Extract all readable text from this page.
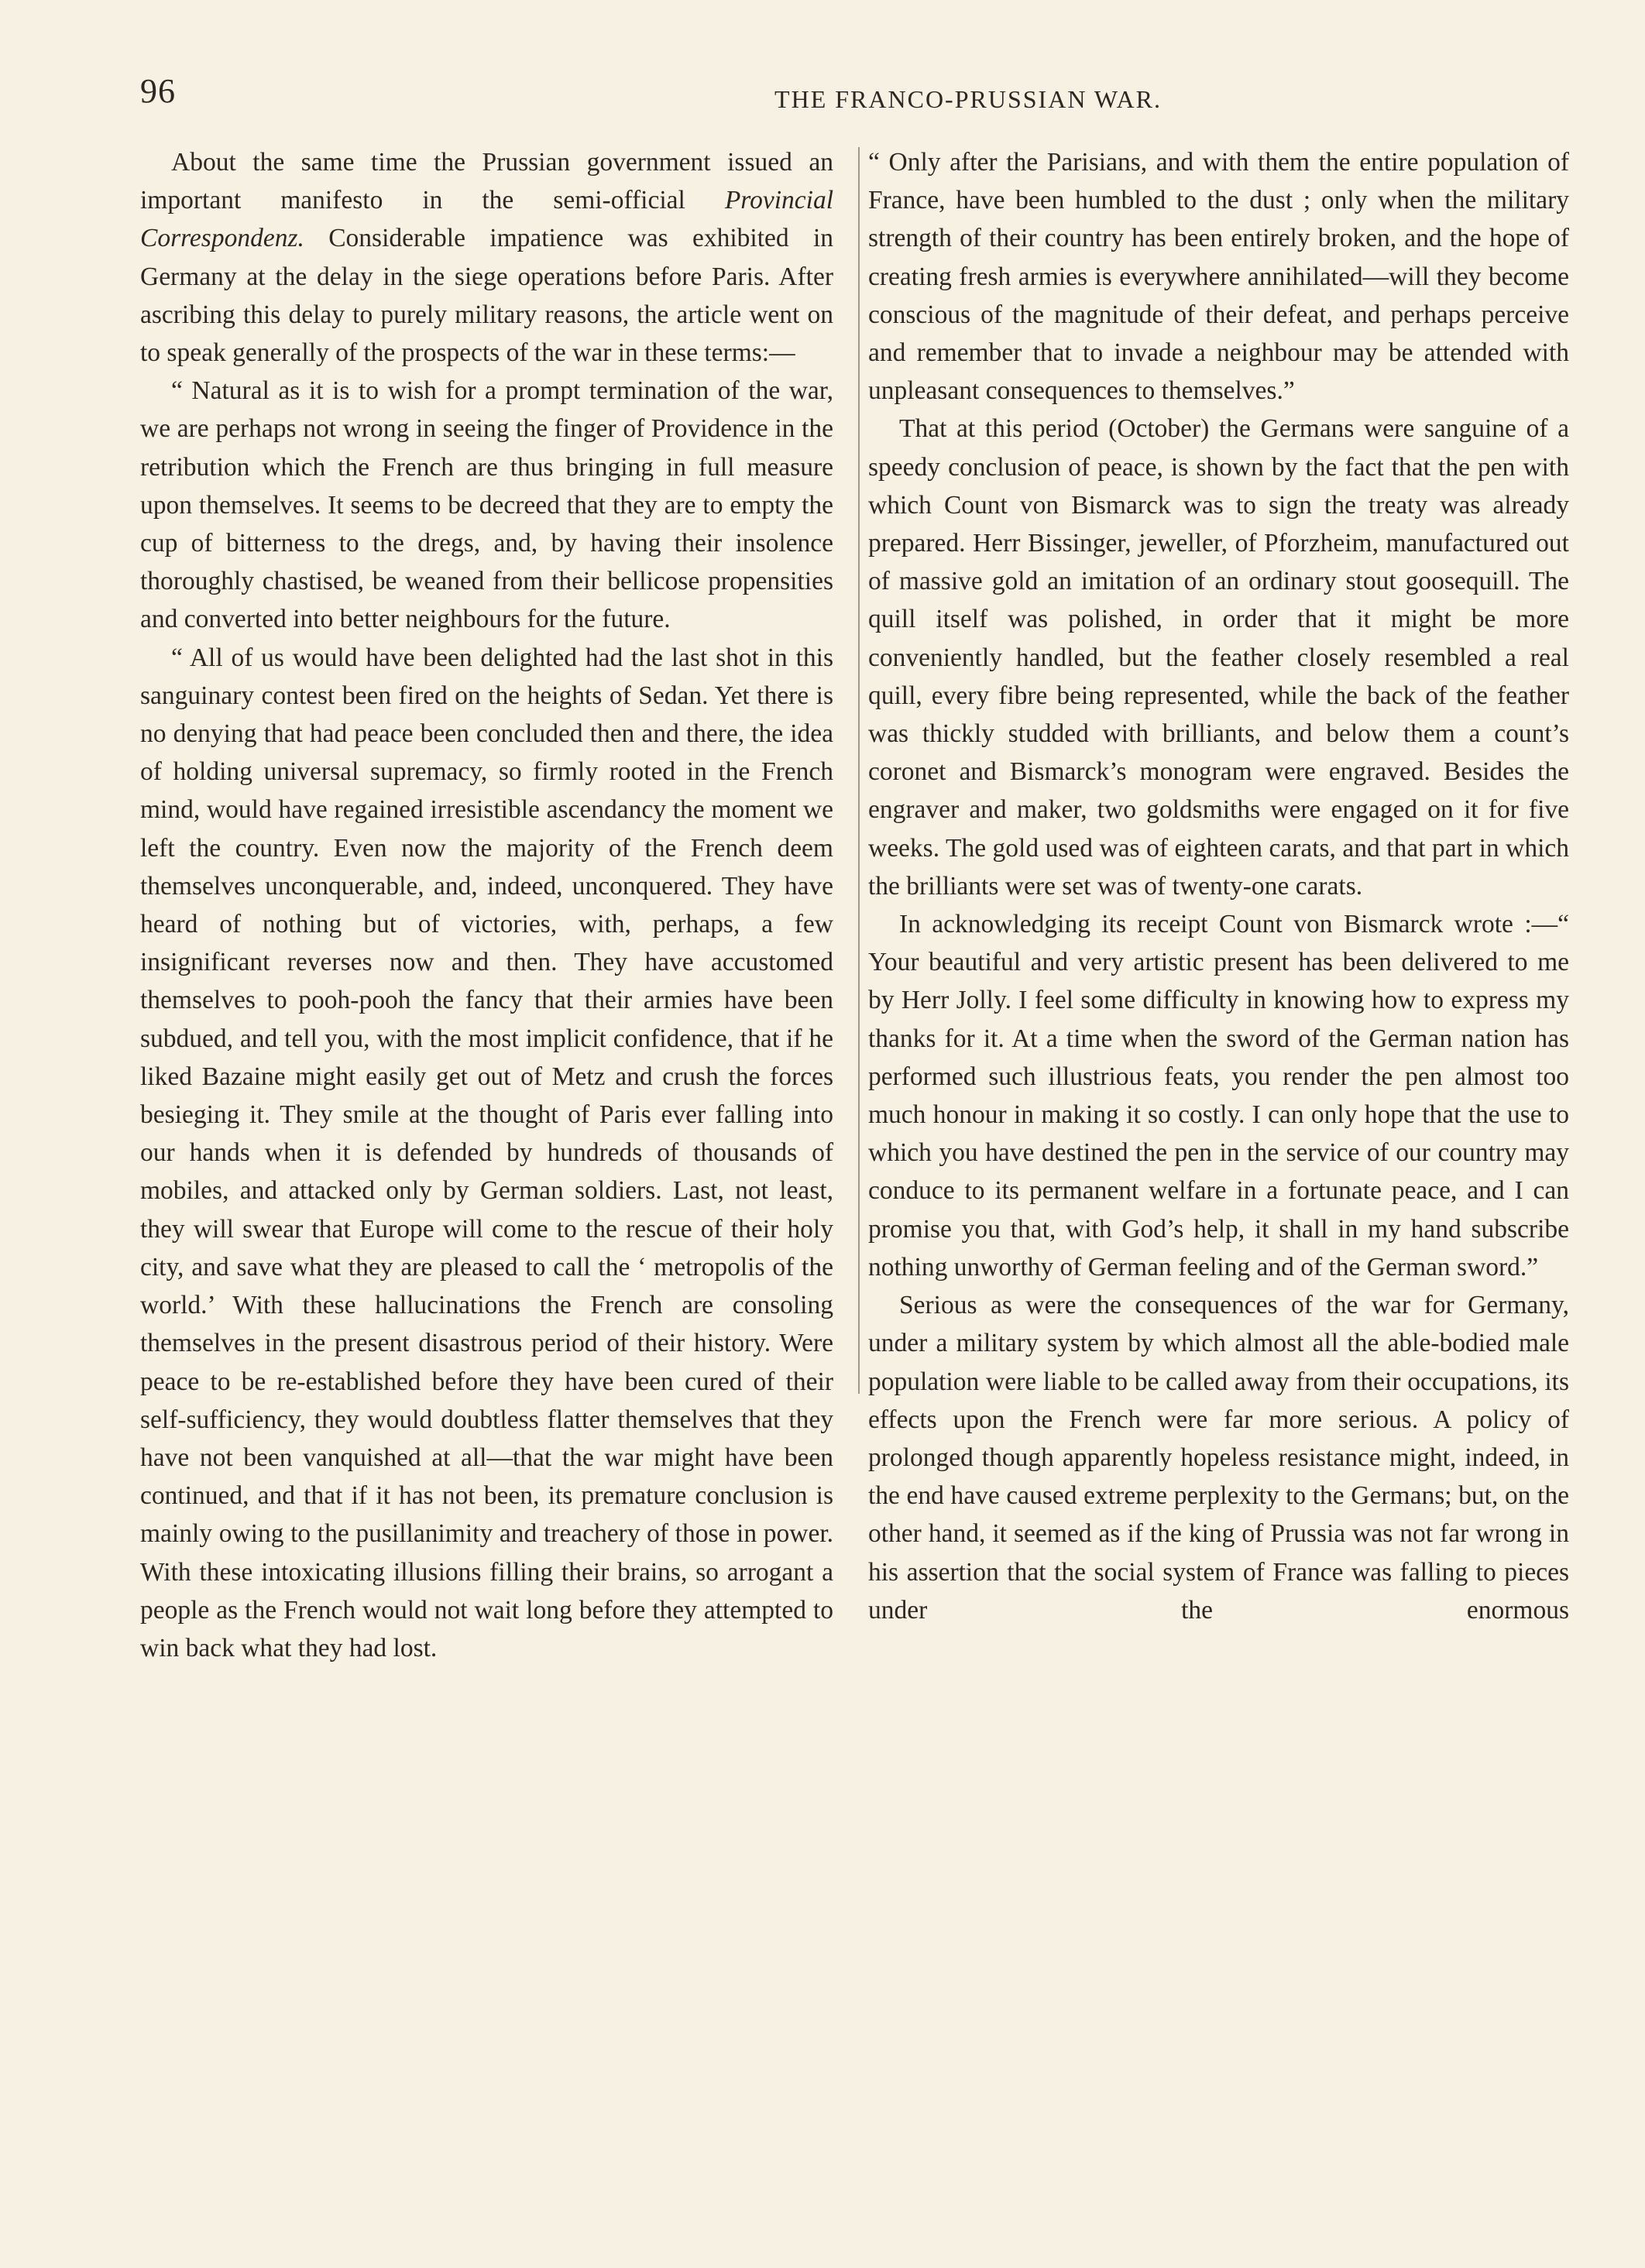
96	THE FRANCO-PRUSSIAN WAR.

About the same time the Prussian government issued an important manifesto in the semi-official Provincial Correspondenz. Considerable impatience was exhibited in Germany at the delay in the siege operations before Paris. After ascribing this delay to purely military reasons, the article went on to speak generally of the prospects of the war in these terms:—

“ Natural as it is to wish for a prompt termination of the war, we are perhaps not wrong in seeing the finger of Providence in the retribution which the French are thus bringing in full measure upon themselves. It seems to be decreed that they are to empty the cup of bitterness to the dregs, and, by having their insolence thoroughly chastised, be weaned from their bellicose propensities and converted into better neighbours for the future.

“ All of us would have been delighted had the last shot in this sanguinary contest been fired on the heights of Sedan. Yet there is no denying that had peace been concluded then and there, the idea of holding universal supremacy, so firmly rooted in the French mind, would have regained irresistible ascendancy the moment we left the country. Even now the majority of the French deem themselves unconquerable, and, indeed, unconquered. They have heard of nothing but of victories, with, perhaps, a few insignificant reverses now and then. They have accustomed themselves to pooh-pooh the fancy that their armies have been subdued, and tell you, with the most implicit confidence, that if he liked Bazaine might easily get out of Metz and crush the forces besieging it. They smile at the thought of Paris ever falling into our hands when it is defended by hundreds of thousands of mobiles, and attacked only by German soldiers. Last, not least, they will swear that Europe will come to the rescue of their holy city, and save what they are pleased to call the ‘ metropolis of the world.’ With these hallucinations the French are consoling themselves in the present disastrous period of their history. Were peace to be re-established before they have been cured of their self-sufficiency, they would doubtless flatter themselves that they have not been vanquished at all—that the war might have been continued, and that if it has not been, its premature conclusion is mainly owing to the pusillanimity and treachery of those in power. With these intoxicating illusions filling their brains, so arrogant a people as the French would not wait long before they attempted to win back what they had lost.

“ Only after the Parisians, and with them the entire population of France, have been humbled to the dust ; only when the military strength of their country has been entirely broken, and the hope of creating fresh armies is everywhere annihilated—will they become conscious of the magnitude of their defeat, and perhaps perceive and remember that to invade a neighbour may be attended with unpleasant consequences to themselves.”

That at this period (October) the Germans were sanguine of a speedy conclusion of peace, is shown by the fact that the pen with which Count von Bismarck was to sign the treaty was already prepared. Herr Bissinger, jeweller, of Pforzheim, manufactured out of massive gold an imitation of an ordinary stout goosequill. The quill itself was polished, in order that it might be more conveniently handled, but the feather closely resembled a real quill, every fibre being represented, while the back of the feather was thickly studded with brilliants, and below them a count’s coronet and Bismarck’s monogram were engraved. Besides the engraver and maker, two goldsmiths were engaged on it for five weeks. The gold used was of eighteen carats, and that part in which the brilliants were set was of twenty-one carats.

In acknowledging its receipt Count von Bismarck wrote :—“ Your beautiful and very artistic present has been delivered to me by Herr Jolly. I feel some difficulty in knowing how to express my thanks for it. At a time when the sword of the German nation has performed such illustrious feats, you render the pen almost too much honour in making it so costly. I can only hope that the use to which you have destined the pen in the service of our country may conduce to its permanent welfare in a fortunate peace, and I can promise you that, with God’s help, it shall in my hand subscribe nothing unworthy of German feeling and of the German sword.”

Serious as were the consequences of the war for Germany, under a military system by which almost all the able-bodied male population were liable to be called away from their occupations, its effects upon the French were far more serious. A policy of prolonged though apparently hopeless resistance might, indeed, in the end have caused extreme perplexity to the Germans; but, on the other hand, it seemed as if the king of Prussia was not far wrong in his assertion that the social system of France was falling to pieces under the enormous
